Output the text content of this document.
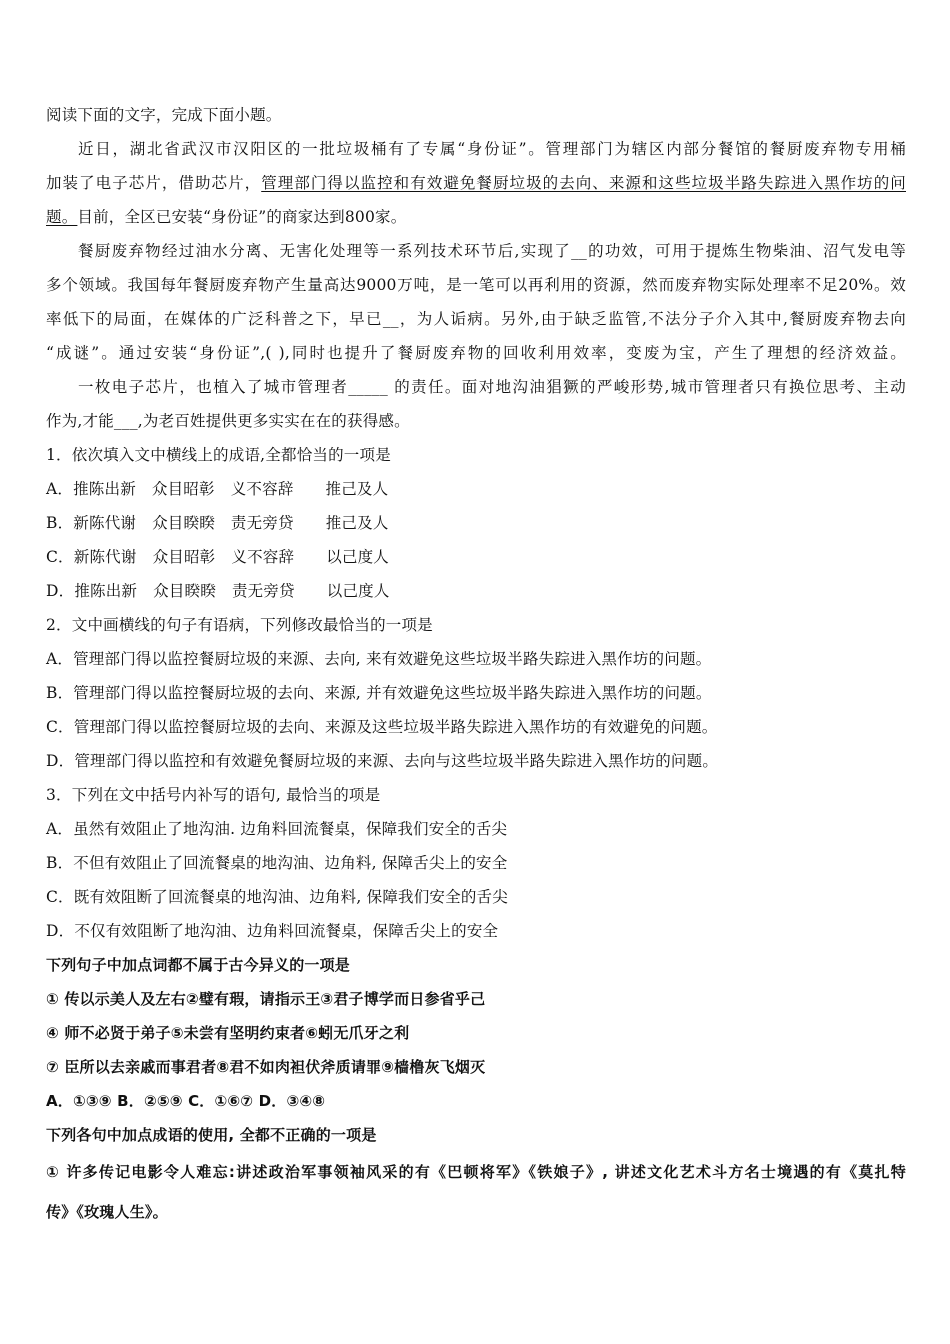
阅读下面的文字，完成下面小题。
近日，湖北省武汉市汉阳区的一批垃圾桶有了专属“身份证”。管理部门为辖区内部分餐馆的餐厨废弃物专用桶
加装了电子芯片，借助芯片，管理部门得以监控和有效避免餐厨垃圾的去向、来源和这些垃圾半路失踪进入黑作坊的问
题。目前，全区已安装“身份证”的商家达到800家。
餐厨废弃物经过油水分离、无害化处理等一系列技术环节后,实现了__的功效，可用于提炼生物柴油、沼气发电等
多个领域。我国每年餐厨废弃物产生量高达9000万吨，是一笔可以再利用的资源，然而废弃物实际处理率不足20%。效
率低下的局面，在媒体的广泛科普之下，早已__，为人诟病。另外,由于缺乏监管,不法分子介入其中,餐厨废弃物去向
“成谜”。通过安装“身份证”,( ),同时也提升了餐厨废弃物的回收利用效率，变废为宝，产生了理想的经济效益。
一枚电子芯片，也植入了城市管理者_____ 的责任。面对地沟油猖獗的严峻形势,城市管理者只有换位思考、主动
作为,才能___,为老百姓提供更多实实在在的获得感。
1．依次填入文中横线上的成语,全都恰当的一项是
A．推陈出新 众目昭彰 义不容辞 推己及人
B．新陈代谢 众目睽睽 责无旁贷 推己及人
C．新陈代谢 众目昭彰 义不容辞 以己度人
D．推陈出新 众目睽睽 责无旁贷 以己度人
2．文中画横线的句子有语病，下列修改最恰当的一项是
A．管理部门得以监控餐厨垃圾的来源、去向, 来有效避免这些垃圾半路失踪进入黑作坊的问题。
B．管理部门得以监控餐厨垃圾的去向、来源, 并有效避免这些垃圾半路失踪进入黑作坊的问题。
C．管理部门得以监控餐厨垃圾的去向、来源及这些垃圾半路失踪进入黑作坊的有效避免的问题。
D．管理部门得以监控和有效避免餐厨垃圾的来源、去向与这些垃圾半路失踪进入黑作坊的问题。
3．下列在文中括号内补写的语句, 最恰当的项是
A．虽然有效阻止了地沟油. 边角料回流餐桌，保障我们安全的舌尖
B．不但有效阻止了回流餐桌的地沟油、边角料, 保障舌尖上的安全
C．既有效阻断了回流餐桌的地沟油、边角料, 保障我们安全的舌尖
D．不仅有效阻断了地沟油、边角料回流餐桌，保障舌尖上的安全
下列句子中加点词都不属于古今异义的一项是
① 传以示美人及左右②璧有瑕，请指示王③君子博学而日参省乎己
④ 师不必贤于弟子⑤未尝有坚明约束者⑥蚓无爪牙之利
⑦ 臣所以去亲戚而事君者⑧君不如肉袒伏斧质请罪⑨樯橹灰飞烟灭
A．①③⑨ B．②⑤⑨ C．①⑥⑦ D．③④⑧
下列各句中加点成语的使用, 全都不正确的一项是
① 许多传记电影令人难忘:讲述政治军事领袖风采的有《巴顿将军》《铁娘子》, 讲述文化艺术斗方名士境遇的有《莫扎特
传》《玫瑰人生》。
